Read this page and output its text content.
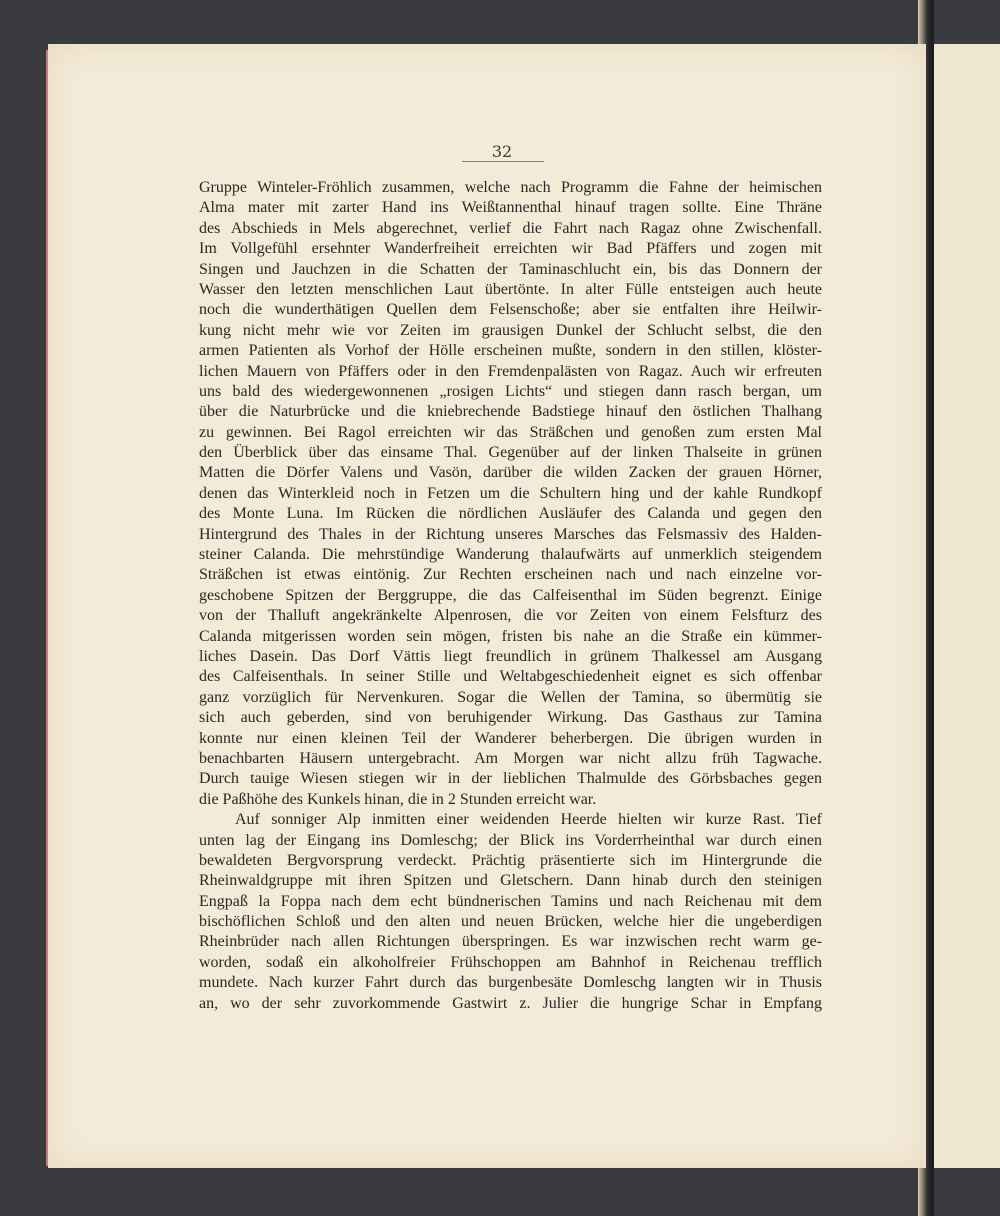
32
Gruppe Winteler-Fröhlich zusammen, welche nach Programm die Fahne der heimischen
Alma mater mit zarter Hand ins Weißtannenthal hinauf tragen sollte. Eine Thräne
des Abschieds in Mels abgerechnet, verlief die Fahrt nach Ragaz ohne Zwischenfall.
Im Vollgefühl ersehnter Wanderfreiheit erreichten wir Bad Pfäffers und zogen mit
Singen und Jauchzen in die Schatten der Taminaschlucht ein, bis das Donnern der
Wasser den letzten menschlichen Laut übertönte. In alter Fülle entsteigen auch heute
noch die wunderthätigen Quellen dem Felsenschoße; aber sie entfalten ihre Heilwir-
kung nicht mehr wie vor Zeiten im grausigen Dunkel der Schlucht selbst, die den
armen Patienten als Vorhof der Hölle erscheinen mußte, sondern in den stillen, klöster-
lichen Mauern von Pfäffers oder in den Fremdenpalästen von Ragaz. Auch wir erfreuten
uns bald des wiedergewonnenen „rosigen Lichts“ und stiegen dann rasch bergan, um
über die Naturbrücke und die kniebrechende Badstiege hinauf den östlichen Thalhang
zu gewinnen. Bei Ragol erreichten wir das Sträßchen und genoßen zum ersten Mal
den Überblick über das einsame Thal. Gegenüber auf der linken Thalseite in grünen
Matten die Dörfer Valens und Vasön, darüber die wilden Zacken der grauen Hörner,
denen das Winterkleid noch in Fetzen um die Schultern hing und der kahle Rundkopf
des Monte Luna. Im Rücken die nördlichen Ausläufer des Calanda und gegen den
Hintergrund des Thales in der Richtung unseres Marsches das Felsmassiv des Halden-
steiner Calanda. Die mehrstündige Wanderung thalaufwärts auf unmerklich steigendem
Sträßchen ist etwas eintönig. Zur Rechten erscheinen nach und nach einzelne vor-
geschobene Spitzen der Berggruppe, die das Calfeisenthal im Süden begrenzt. Einige
von der Thalluft angekränkelte Alpenrosen, die vor Zeiten von einem Felsfturz des
Calanda mitgerissen worden sein mögen, fristen bis nahe an die Straße ein kümmer-
liches Dasein. Das Dorf Vättis liegt freundlich in grünem Thalkessel am Ausgang
des Calfeisenthals. In seiner Stille und Weltabgeschiedenheit eignet es sich offenbar
ganz vorzüglich für Nervenkuren. Sogar die Wellen der Tamina, so übermütig sie
sich auch geberden, sind von beruhigender Wirkung. Das Gasthaus zur Tamina
konnte nur einen kleinen Teil der Wanderer beherbergen. Die übrigen wurden in
benachbarten Häusern untergebracht. Am Morgen war nicht allzu früh Tagwache.
Durch tauige Wiesen stiegen wir in der lieblichen Thalmulde des Görbsbaches gegen
die Paßhöhe des Kunkels hinan, die in 2 Stunden erreicht war.
Auf sonniger Alp inmitten einer weidenden Heerde hielten wir kurze Rast. Tief
unten lag der Eingang ins Domleschg; der Blick ins Vorderrheinthal war durch einen
bewaldeten Bergvorsprung verdeckt. Prächtig präsentierte sich im Hintergrunde die
Rheinwaldgruppe mit ihren Spitzen und Gletschern. Dann hinab durch den steinigen
Engpaß la Foppa nach dem echt bündnerischen Tamins und nach Reichenau mit dem
bischöflichen Schloß und den alten und neuen Brücken, welche hier die ungeberdigen
Rheinbrüder nach allen Richtungen überspringen. Es war inzwischen recht warm ge-
worden, sodaß ein alkoholfreier Frühschoppen am Bahnhof in Reichenau trefflich
mundete. Nach kurzer Fahrt durch das burgenbesäte Domleschg langten wir in Thusis
an, wo der sehr zuvorkommende Gastwirt z. Julier die hungrige Schar in Empfang
